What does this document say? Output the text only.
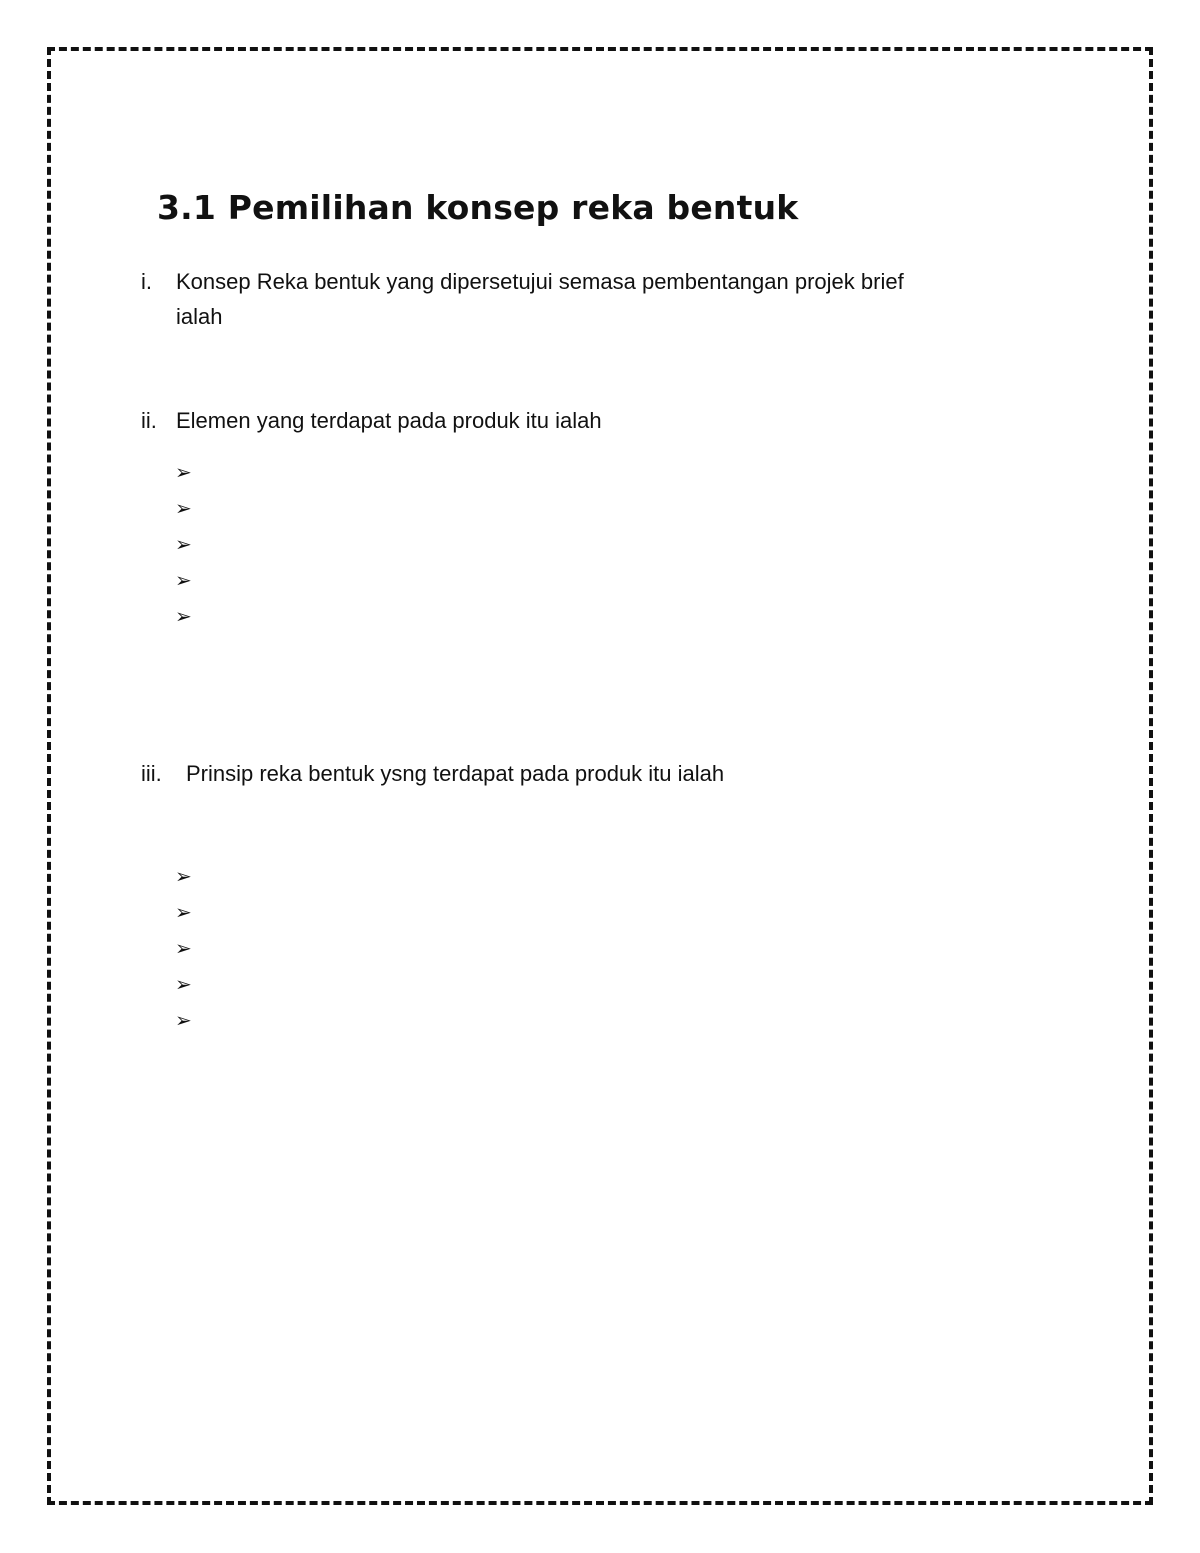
3.1 Pemilihan konsep reka bentuk
i. Konsep Reka bentuk yang dipersetujui semasa pembentangan projek brief
ialah
ii. Elemen yang terdapat pada produk itu ialah
➢
➢
➢
➢
➢
iii. Prinsip reka bentuk ysng terdapat pada produk itu ialah
➢
➢
➢
➢
➢
